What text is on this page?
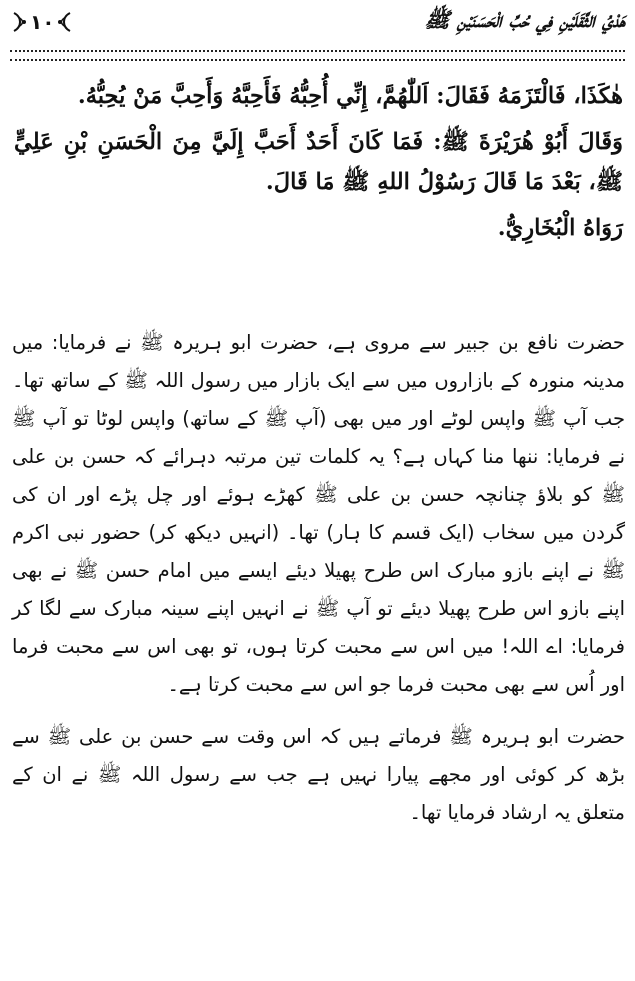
هَدْيُ الثَّقَلَيْنِ فِي حُبِّ الْحَسَنَيْنِ ﷺ
١٠

هٰكَذَا، فَالْتَزَمَهُ فَقَالَ: اَللّٰهُمَّ، إِنِّي أُحِبُّهُ فَأَحِبَّهُ وَأَحِبَّ مَنْ يُحِبُّهُ.

وَقَالَ أَبُوْ هُرَيْرَةَ ﷺ: فَمَا كَانَ أَحَدٌ أَحَبَّ إِلَيَّ مِنَ الْحَسَنِ بْنِ عَلِيٍّ ﷺ، بَعْدَ مَا قَالَ رَسُوْلُ اللهِ ﷺ مَا قَالَ.

رَوَاهُ الْبُخَارِيُّ.

حضرت نافع بن جبیر سے مروی ہے، حضرت ابو ہریرہ ﷺ نے فرمایا: میں مدینہ منورہ کے بازاروں میں سے ایک بازار میں رسول اللہ ﷺ کے ساتھ تھا۔ جب آپ ﷺ واپس لوٹے اور میں بھی (آپ ﷺ کے ساتھ) واپس لوٹا تو آپ ﷺ نے فرمایا: ننھا منا کہاں ہے؟ یہ کلمات تین مرتبہ دہرائے کہ حسن بن علی ﷺ کو بلاؤ چنانچہ حسن بن علی ﷺ کھڑے ہوئے اور چل پڑے اور ان کی گردن میں سخاب (ایک قسم کا ہار) تھا۔ (انہیں دیکھ کر) حضور نبی اکرم ﷺ نے اپنے بازو مبارک اس طرح پھیلا دیئے ایسے میں امام حسن ﷺ نے بھی اپنے بازو اس طرح پھیلا دیئے تو آپ ﷺ نے انہیں اپنے سینہ مبارک سے لگا کر فرمایا: اے اللہ! میں اس سے محبت کرتا ہوں، تو بھی اس سے محبت فرما اور اُس سے بھی محبت فرما جو اس سے محبت کرتا ہے۔

حضرت ابو ہریرہ ﷺ فرماتے ہیں کہ اس وقت سے حسن بن علی ﷺ سے بڑھ کر کوئی اور مجھے پیارا نہیں ہے جب سے رسول اللہ ﷺ نے ان کے متعلق یہ ارشاد فرمایا تھا۔
